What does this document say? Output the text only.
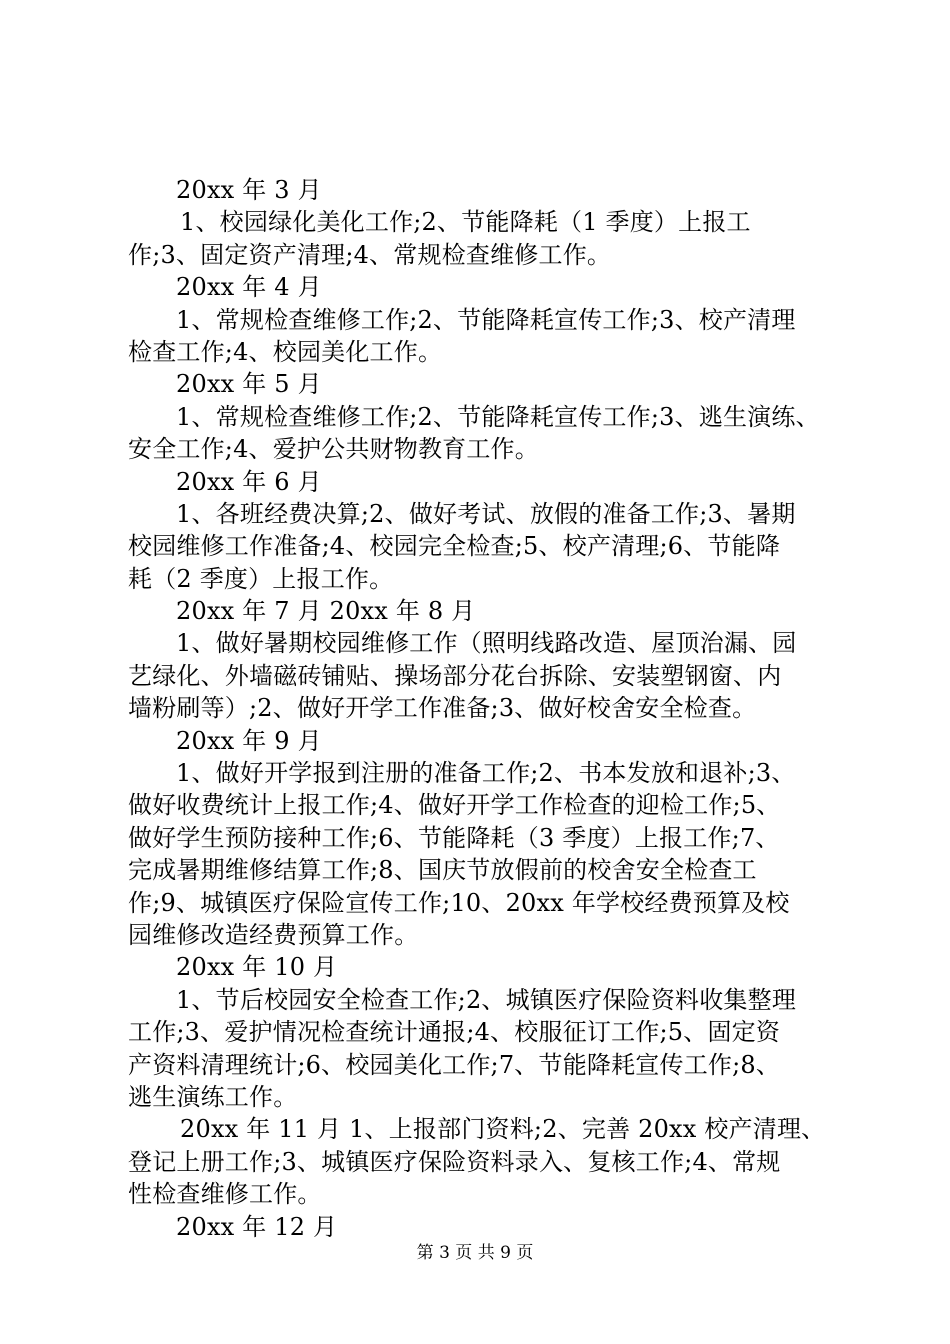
20xx 年 3 月
1、校园绿化美化工作;2、节能降耗（1 季度）上报工
作;3、固定资产清理;4、常规检查维修工作。
20xx 年 4 月
1、常规检查维修工作;2、节能降耗宣传工作;3、校产清理
检查工作;4、校园美化工作。
20xx 年 5 月
1、常规检查维修工作;2、节能降耗宣传工作;3、逃生演练、
安全工作;4、爱护公共财物教育工作。
20xx 年 6 月
1、各班经费决算;2、做好考试、放假的准备工作;3、暑期
校园维修工作准备;4、校园完全检查;5、校产清理;6、节能降
耗（2 季度）上报工作。
20xx 年 7 月 20xx 年 8 月
1、做好暑期校园维修工作（照明线路改造、屋顶治漏、园
艺绿化、外墙磁砖铺贴、操场部分花台拆除、安装塑钢窗、内
墙粉刷等）;2、做好开学工作准备;3、做好校舍安全检查。
20xx 年 9 月
1、做好开学报到注册的准备工作;2、书本发放和退补;3、
做好收费统计上报工作;4、做好开学工作检查的迎检工作;5、
做好学生预防接种工作;6、节能降耗（3 季度）上报工作;7、
完成暑期维修结算工作;8、国庆节放假前的校舍安全检查工
作;9、城镇医疗保险宣传工作;10、20xx 年学校经费预算及校
园维修改造经费预算工作。
20xx 年 10 月
1、节后校园安全检查工作;2、城镇医疗保险资料收集整理
工作;3、爱护情况检查统计通报;4、校服征订工作;5、固定资
产资料清理统计;6、校园美化工作;7、节能降耗宣传工作;8、
逃生演练工作。
20xx 年 11 月 1、上报部门资料;2、完善 20xx 校产清理、
登记上册工作;3、城镇医疗保险资料录入、复核工作;4、常规
性检查维修工作。
20xx 年 12 月
第 3 页 共 9 页
